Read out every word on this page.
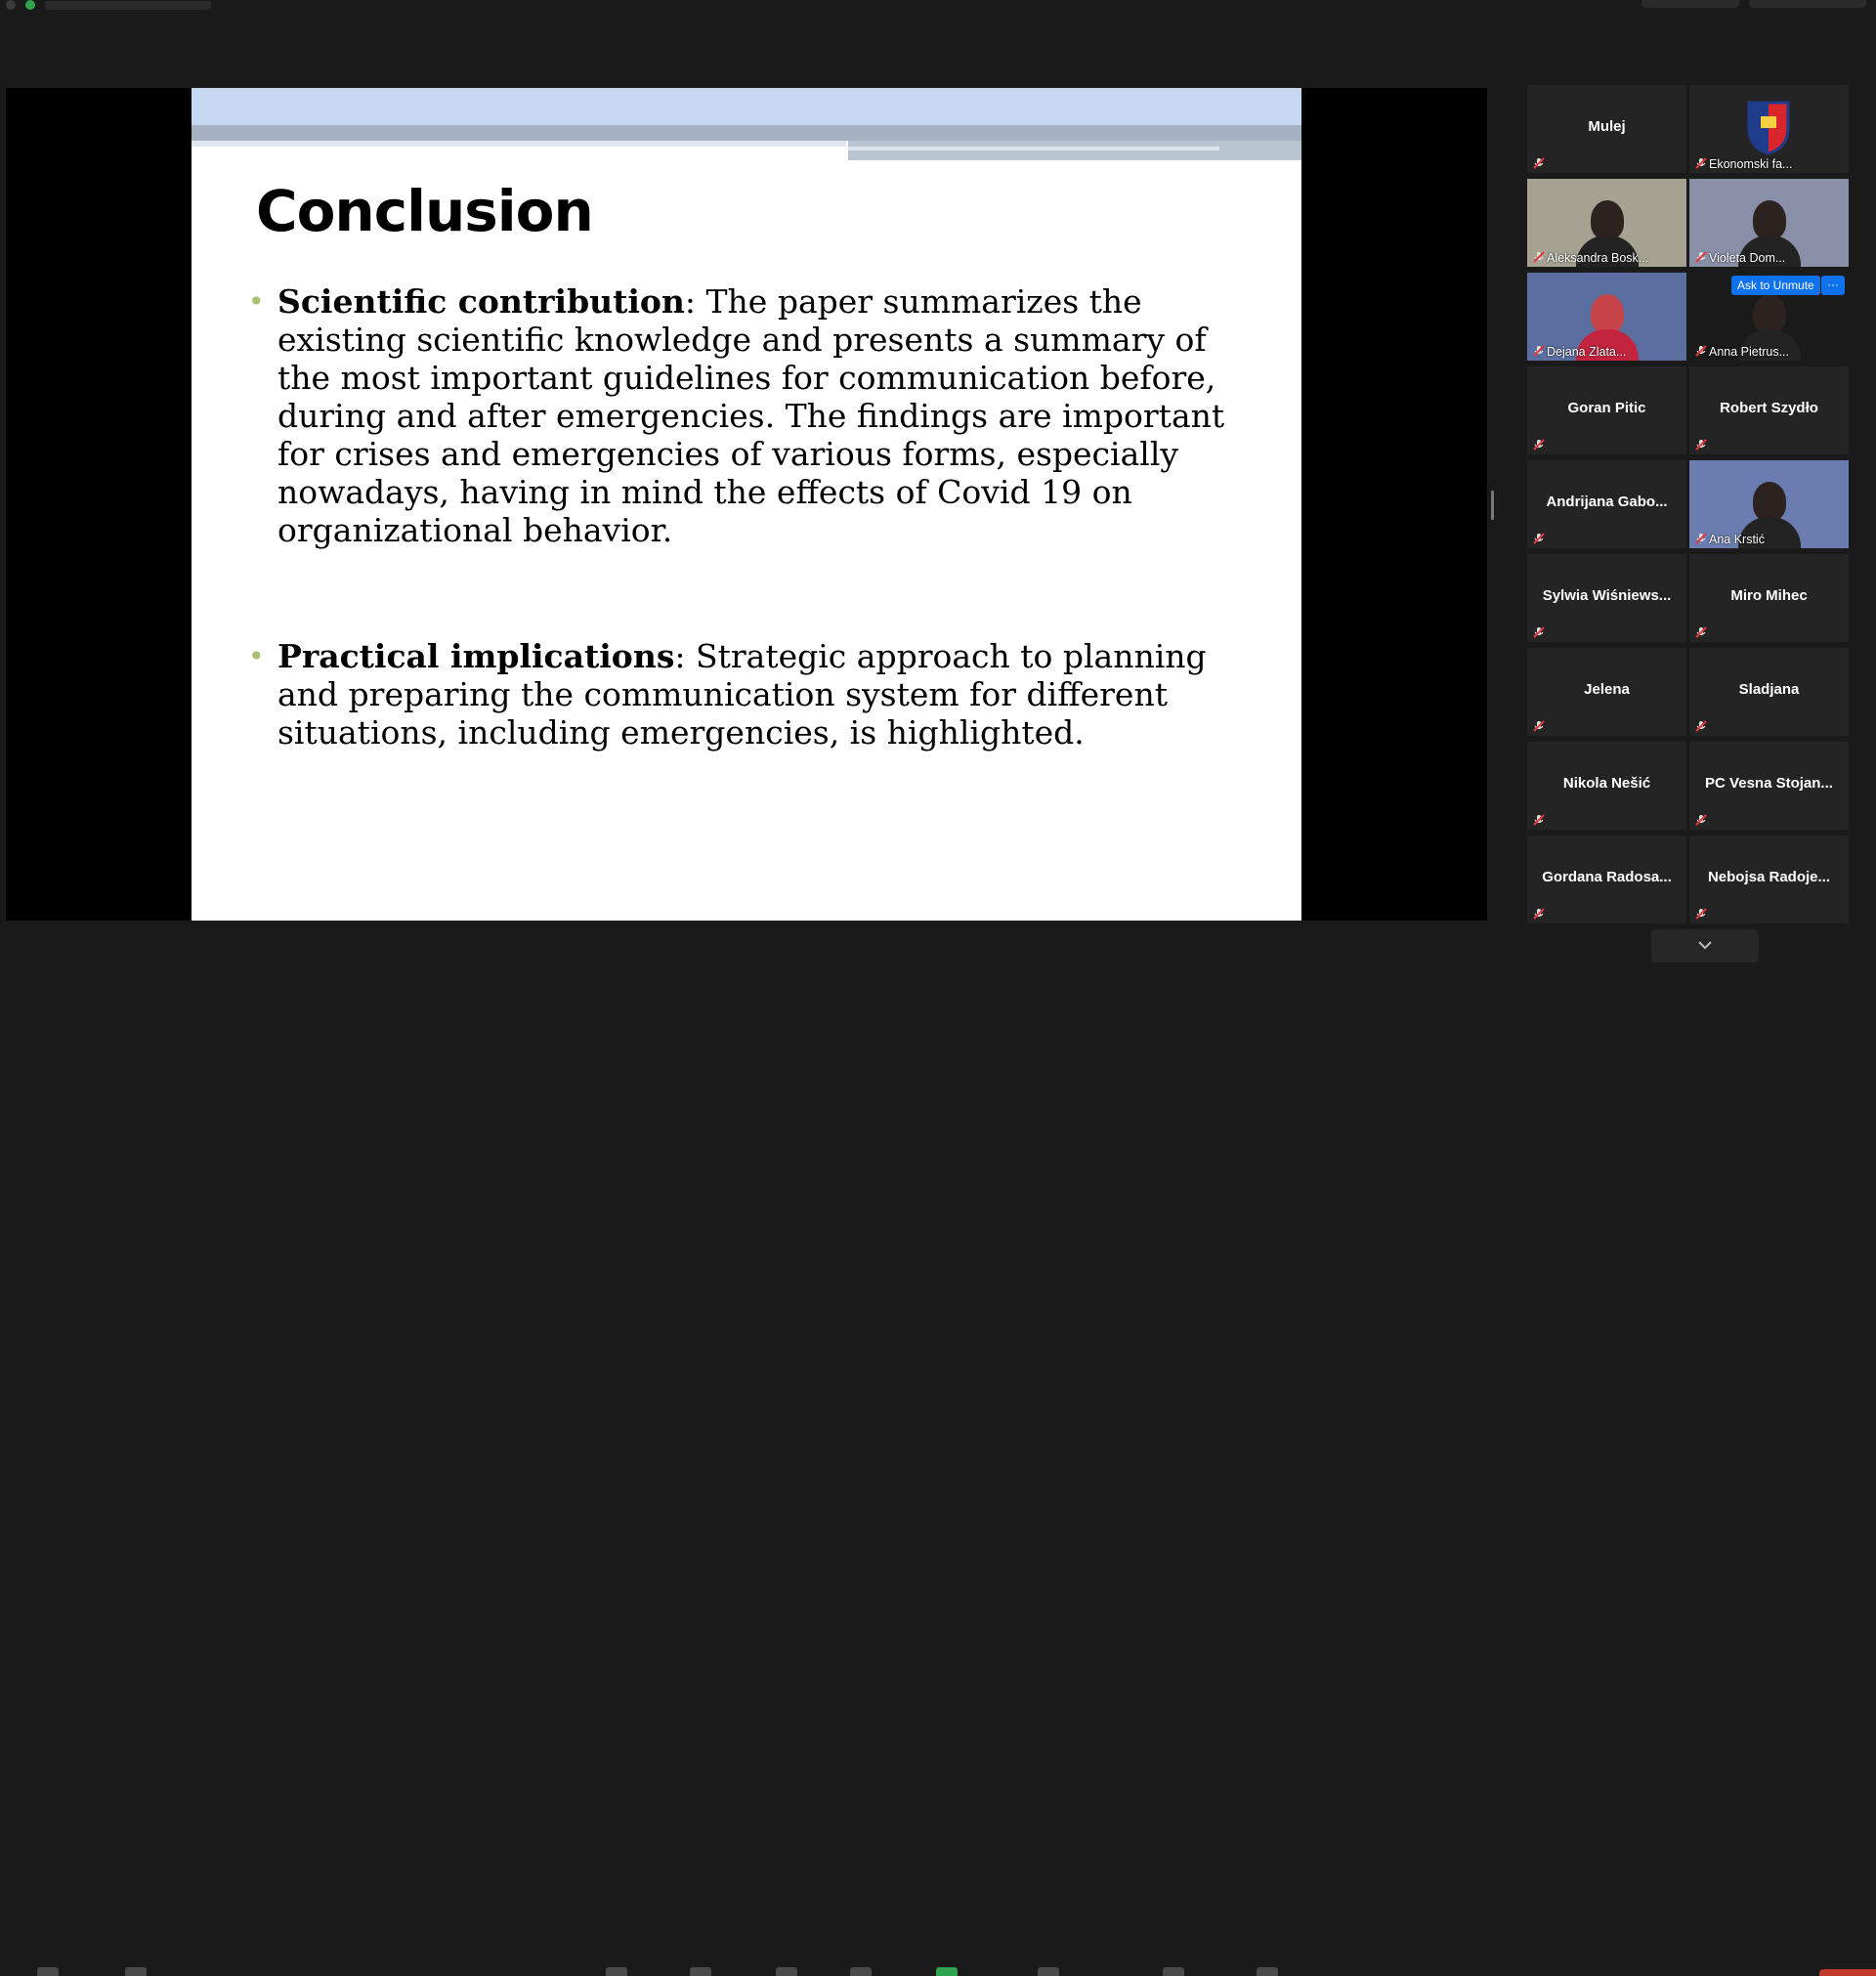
Conclusion
• Scientific contribution: The paper summarizes the existing scientific knowledge and presents a summary of the most important guidelines for communication before, during and after emergencies. The findings are important for crises and emergencies of various forms, especially nowadays, having in mind the effects of Covid 19 on organizational behavior.
• Practical implications: Strategic approach to planning and preparing the communication system for different situations, including emergencies, is highlighted.
Mulej
Ekonomski fa...
Aleksandra Bosk...	Violeta Dom...
Dejana Zlata...	Anna Pietrus...
Goran Pitic	Robert Szydło
Andrijana Gabo...
Ana Krstić
Sylwia Wiśniews...	Miro Mihec
Jelena	Sladjana
Nikola Nešić	PC Vesna Stojan...
Gordana Radosa...	Nebojsa Radoje...
Ask to Unmute	···
